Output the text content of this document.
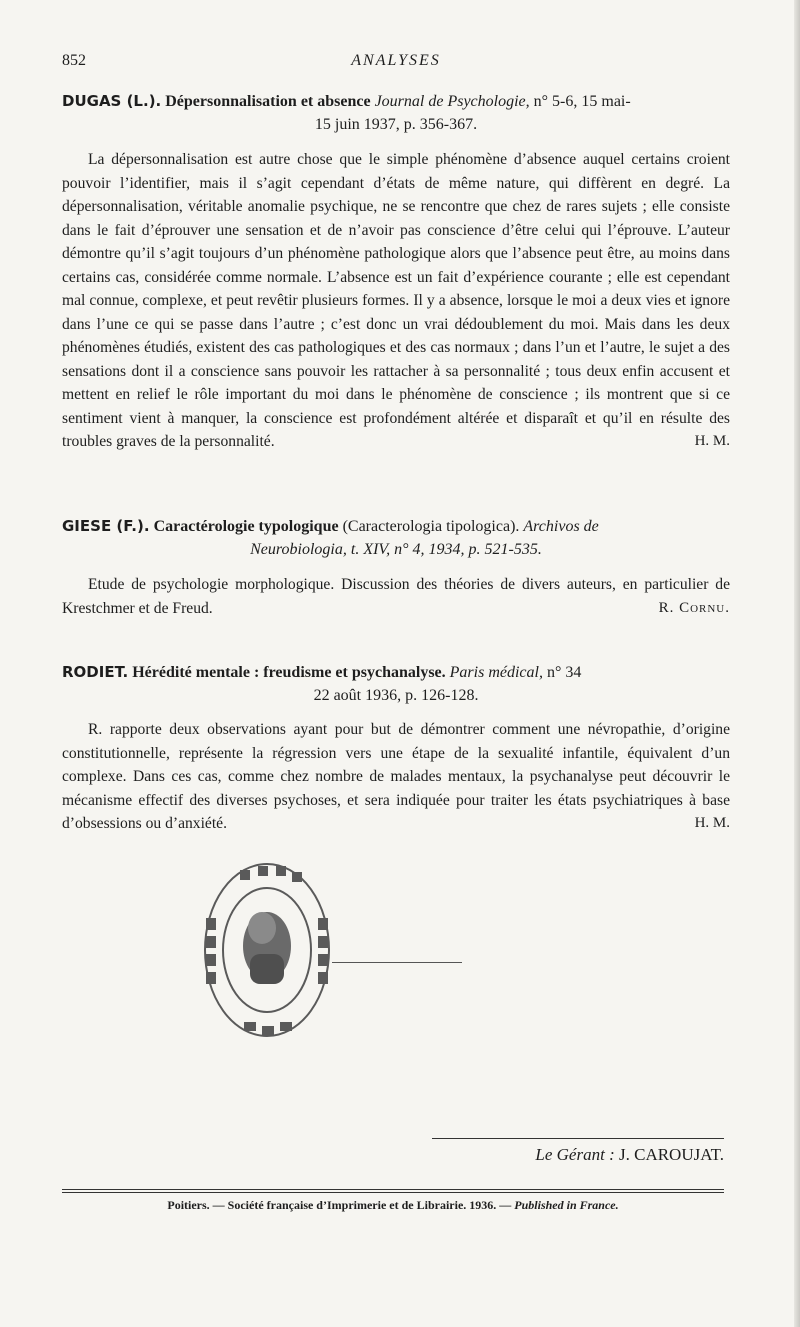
852	ANALYSES
DUGAS (L.). Dépersonnalisation et absence Journal de Psychologie, n° 5-6, 15 mai-
15 juin 1937, p. 356-367.

La dépersonnalisation est autre chose que le simple phénomène d’absence auquel certains croient pouvoir l’identifier, mais il s’agit cependant d’états de même nature, qui diffèrent en degré. La dépersonnalisation, véritable anomalie psychique, ne se rencontre que chez de rares sujets ; elle consiste dans le fait d’éprouver une sensation et de n’avoir pas conscience d’être celui qui l’éprouve. L’auteur démontre qu’il s’agit toujours d’un phénomène pathologique alors que l’absence peut être, au moins dans certains cas, considérée comme normale. L’absence est un fait d’expérience courante ; elle est cependant mal connue, complexe, et peut revêtir plusieurs formes. Il y a absence, lorsque le moi a deux vies et ignore dans l’une ce qui se passe dans l’autre ; c’est donc un vrai dédoublement du moi. Mais dans les deux phénomènes étudiés, existent des cas pathologiques et des cas normaux ; dans l’un et l’autre, le sujet a des sensations dont il a conscience sans pouvoir les rattacher à sa personnalité ; tous deux enfin accusent et mettent en relief le rôle important du moi dans le phénomène de conscience ; ils montrent que si ce sentiment vient à manquer, la conscience est profondément altérée et disparaît et qu’il en résulte des troubles graves de la personnalité.	H. M.

GIESE (F.). Caractérologie typologique (Caracterologia tipologica). Archivos de
Neurobiologia, t. XIV, n° 4, 1934, p. 521-535.

Etude de psychologie morphologique. Discussion des théories de divers auteurs, en particulier de Krestchmer et de Freud.	R. Cornu.

RODIET. Hérédité mentale : freudisme et psychanalyse. Paris médical, n° 34
22 août 1936, p. 126-128.

R. rapporte deux observations ayant pour but de démontrer comment une névropathie, d’origine constitutionnelle, représente la régression vers une étape de la sexualité infantile, équivalent d’un complexe. Dans ces cas, comme chez nombre de malades mentaux, la psychanalyse peut découvrir le mécanisme effectif des diverses psychoses, et sera indiquée pour traiter les états psychiatriques à base d’obsessions ou d’anxiété.	H. M.

Le Gérant : J. CAROUJAT.
Poitiers. — Société française d’Imprimerie et de Librairie. 1936. — Published in France.
